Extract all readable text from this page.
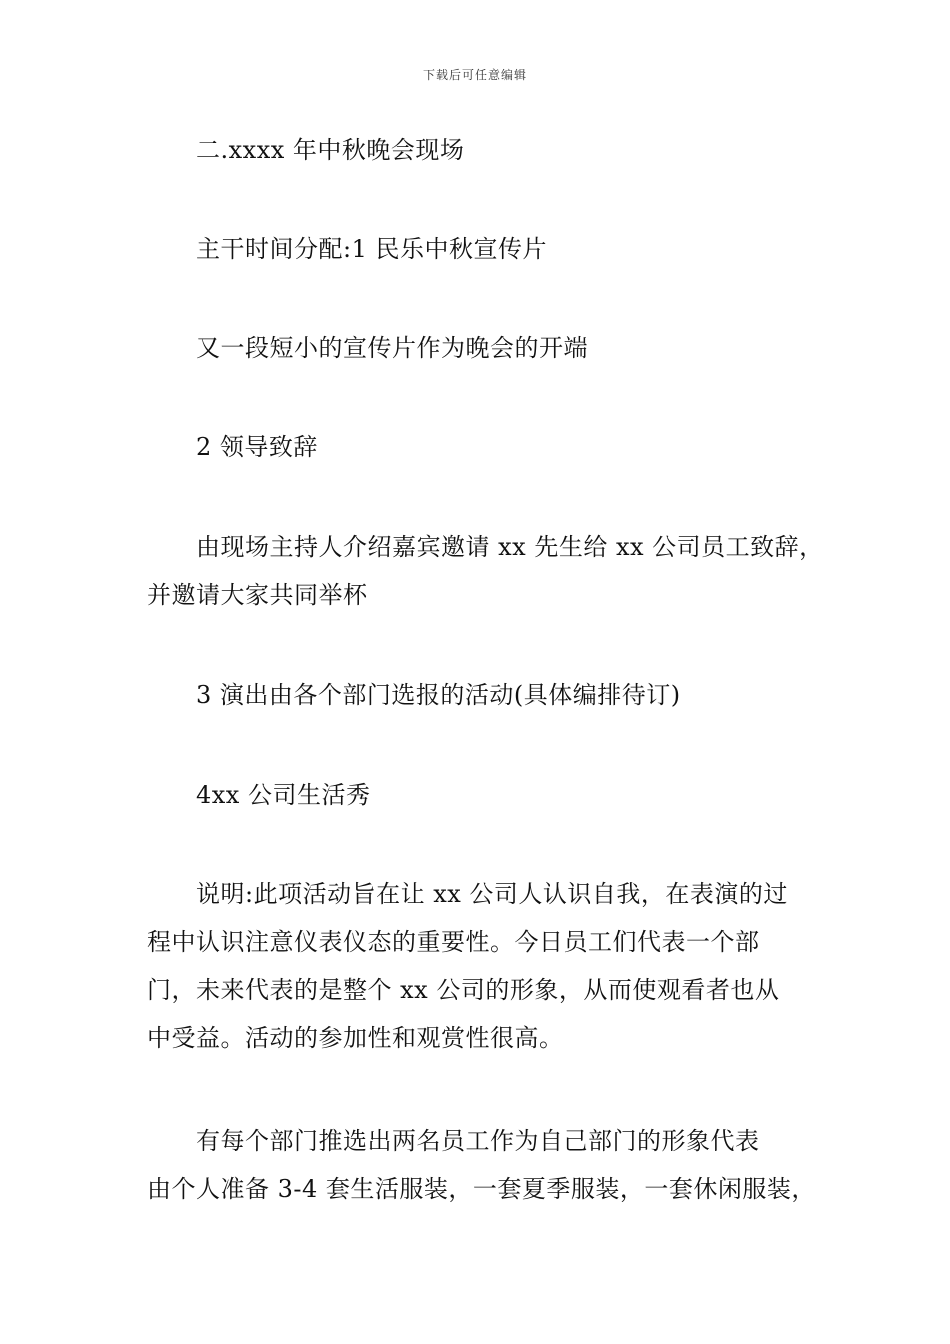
下载后可任意编辑
二.xxxx 年中秋晚会现场
主干时间分配:1 民乐中秋宣传片
又一段短小的宣传片作为晚会的开端
2 领导致辞
由现场主持人介绍嘉宾邀请 xx 先生给 xx 公司员工致辞，
并邀请大家共同举杯
3 演出由各个部门选报的活动(具体编排待订)
4xx 公司生活秀
说明:此项活动旨在让 xx 公司人认识自我，在表演的过
程中认识注意仪表仪态的重要性。今日员工们代表一个部
门，未来代表的是整个 xx 公司的形象，从而使观看者也从
中受益。活动的参加性和观赏性很高。
有每个部门推选出两名员工作为自己部门的形象代表
由个人准备 3-4 套生活服装，一套夏季服装，一套休闲服装，
